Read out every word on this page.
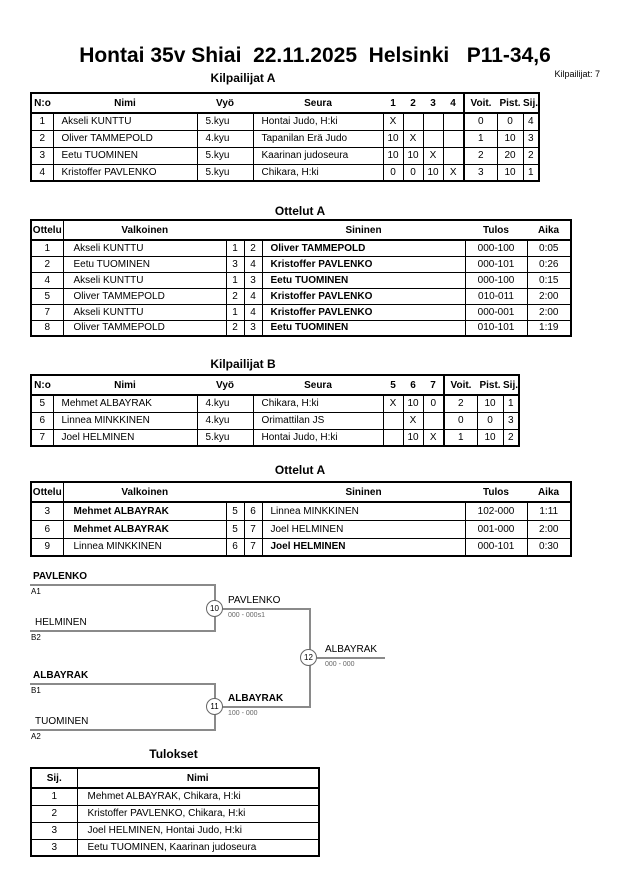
Hontai 35v Shiai  22.11.2025  Helsinki   P11-34,6
Kilpailijat A	Kilpailijat: 7
N:o	Nimi	Vyö	Seura	1	2	3	4	Voit.	Pist.	Sij.
1	Akseli KUNTTU	5.kyu	Hontai Judo, H:ki	X				0	0	4
2	Oliver TAMMEPOLD	4.kyu	Tapanilan Erä Judo	10	X			1	10	3
3	Eetu TUOMINEN	5.kyu	Kaarinan judoseura	10	10	X		2	20	2
4	Kristoffer PAVLENKO	5.kyu	Chikara, H:ki	0	0	10	X	3	10	1
Ottelut A
Ottelu	Valkoinen			Sininen	Tulos	Aika
1	Akseli KUNTTU	1	2	Oliver TAMMEPOLD	000-100	0:05
2	Eetu TUOMINEN	3	4	Kristoffer PAVLENKO	000-101	0:26
4	Akseli KUNTTU	1	3	Eetu TUOMINEN	000-100	0:15
5	Oliver TAMMEPOLD	2	4	Kristoffer PAVLENKO	010-011	2:00
7	Akseli KUNTTU	1	4	Kristoffer PAVLENKO	000-001	2:00
8	Oliver TAMMEPOLD	2	3	Eetu TUOMINEN	010-101	1:19
Kilpailijat B
N:o	Nimi	Vyö	Seura	5	6	7	Voit.	Pist.	Sij.
5	Mehmet ALBAYRAK	4.kyu	Chikara, H:ki	X	10	0	2	10	1
6	Linnea MINKKINEN	4.kyu	Orimattilan JS		X		0	0	3
7	Joel HELMINEN	5.kyu	Hontai Judo, H:ki		10	X	1	10	2
Ottelut A
Ottelu	Valkoinen			Sininen	Tulos	Aika
3	Mehmet ALBAYRAK	5	6	Linnea MINKKINEN	102-000	1:11
6	Mehmet ALBAYRAK	5	7	Joel HELMINEN	001-000	2:00
9	Linnea MINKKINEN	6	7	Joel HELMINEN	000-101	0:30
PAVLENKO
A1
HELMINEN
B2
ALBAYRAK
B1
TUOMINEN
A2
PAVLENKO
000 - 000s1
10
ALBAYRAK
100 - 000
11
ALBAYRAK
000 - 000
12
Tulokset
Sij.	Nimi
1	Mehmet ALBAYRAK, Chikara, H:ki
2	Kristoffer PAVLENKO, Chikara, H:ki
3	Joel HELMINEN, Hontai Judo, H:ki
3	Eetu TUOMINEN, Kaarinan judoseura
